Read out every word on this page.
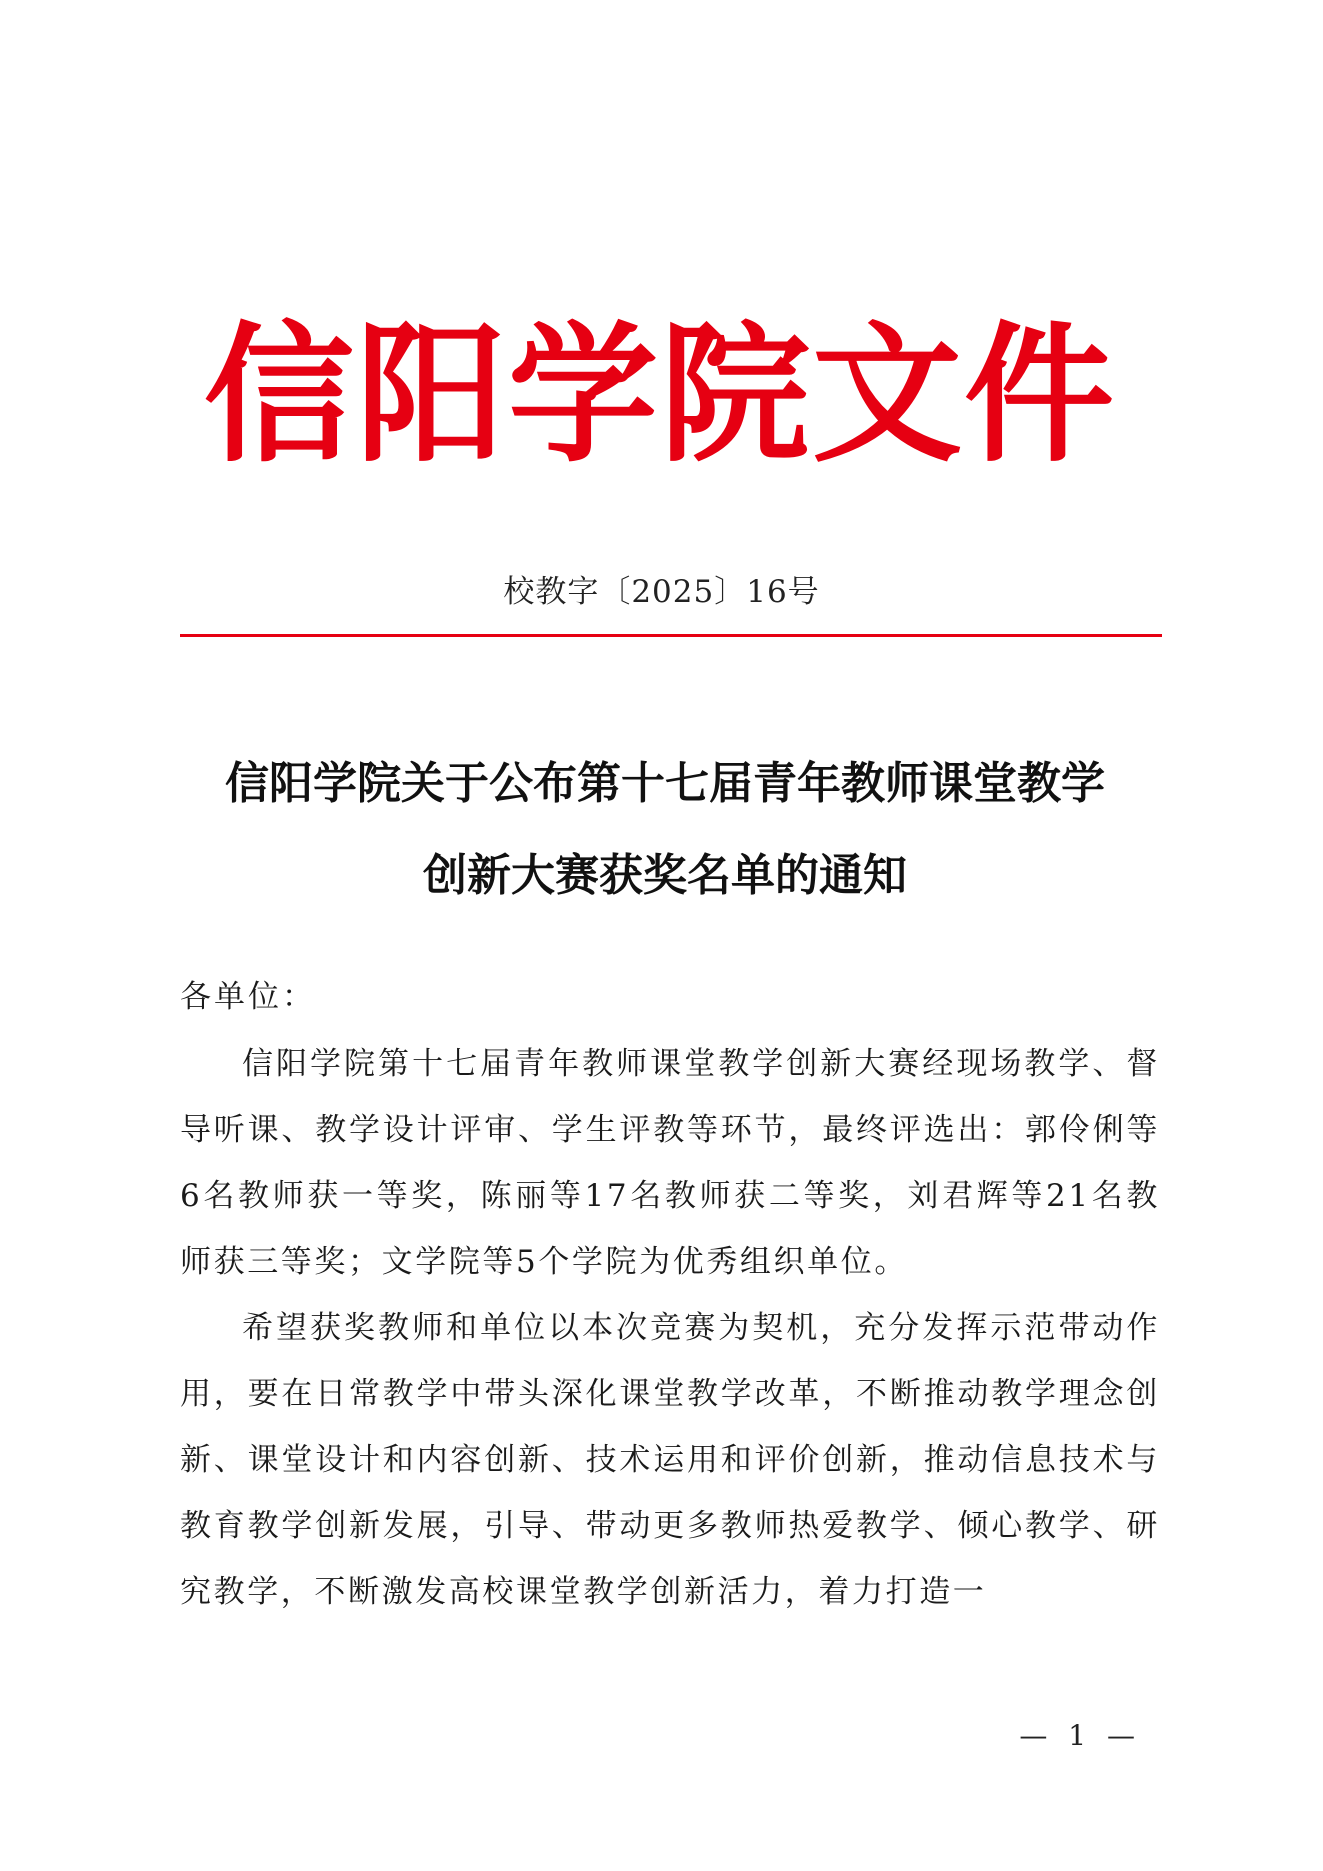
信阳学院文件
校教字〔2025〕16号
信阳学院关于公布第十七届青年教师课堂教学
创新大赛获奖名单的通知
各单位：
信阳学院第十七届青年教师课堂教学创新大赛经现场教学、督导听课、教学设计评审、学生评教等环节，最终评选出：郭伶俐等6名教师获一等奖，陈丽等17名教师获二等奖，刘君辉等21名教师获三等奖；文学院等5个学院为优秀组织单位。
希望获奖教师和单位以本次竞赛为契机，充分发挥示范带动作用，要在日常教学中带头深化课堂教学改革，不断推动教学理念创新、课堂设计和内容创新、技术运用和评价创新，推动信息技术与教育教学创新发展，引导、带动更多教师热爱教学、倾心教学、研究教学，不断激发高校课堂教学创新活力，着力打造一
— 1 —
